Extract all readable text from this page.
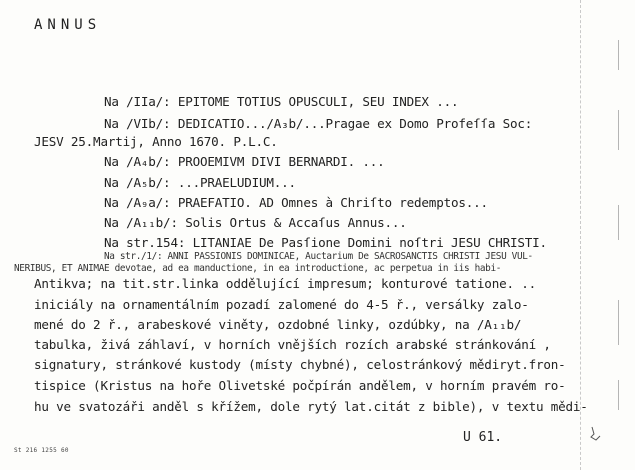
ANNUS
Na /IIa/: EPITOME TOTIUS OPUSCULI, SEU INDEX ...
Na /VIb/: DEDICATIO.../A₃b/...Pragae ex Domo Profeſſa Soc:
JESV 25.Martij, Anno 1670. P.L.C.
Na /A₄b/: PROOEMIVM DIVI BERNARDI. ...
Na /A₅b/: ...PRAELUDIUM...
Na /A₉a/: PRAEFATIO. AD Omnes à Chriſto redemptos...
Na /A₁₁b/: Solis Ortus & Accaſus Annus...
Na str.154: LITANIAE De Pasſione Domini noſtri JESU CHRISTI.
Na str./1/: ANNI PASSIONIS DOMINICAE, Auctarium De SACROSANCTIS CHRISTI JESU VUL-
NERIBUS, ET ANIMAE devotae, ad ea manductione, in ea introductione, ac perpetua in iis habi-
Antikva; na tit.str.linka oddělující impresum; konturové tatione. ..
iniciály na ornamentálním pozadí zalomené do 4-5 ř., versálky zalo-
mené do 2 ř., arabeskové viněty, ozdobné linky, ozdúbky, na /A₁₁b/
tabulka, živá záhlaví, v horních vnějších rozích arabské stránkování ,
signatury, stránkové kustody (místy chybné), celostránkový mědiryt.fron-
tispice (Kristus na hoře Olivetské počpírán andělem, v horním pravém ro-
hu ve svatozáři anděl s křížem, dole rytý lat.citát z bible), v textu mědi-
U 61.
St 216 1255 60
